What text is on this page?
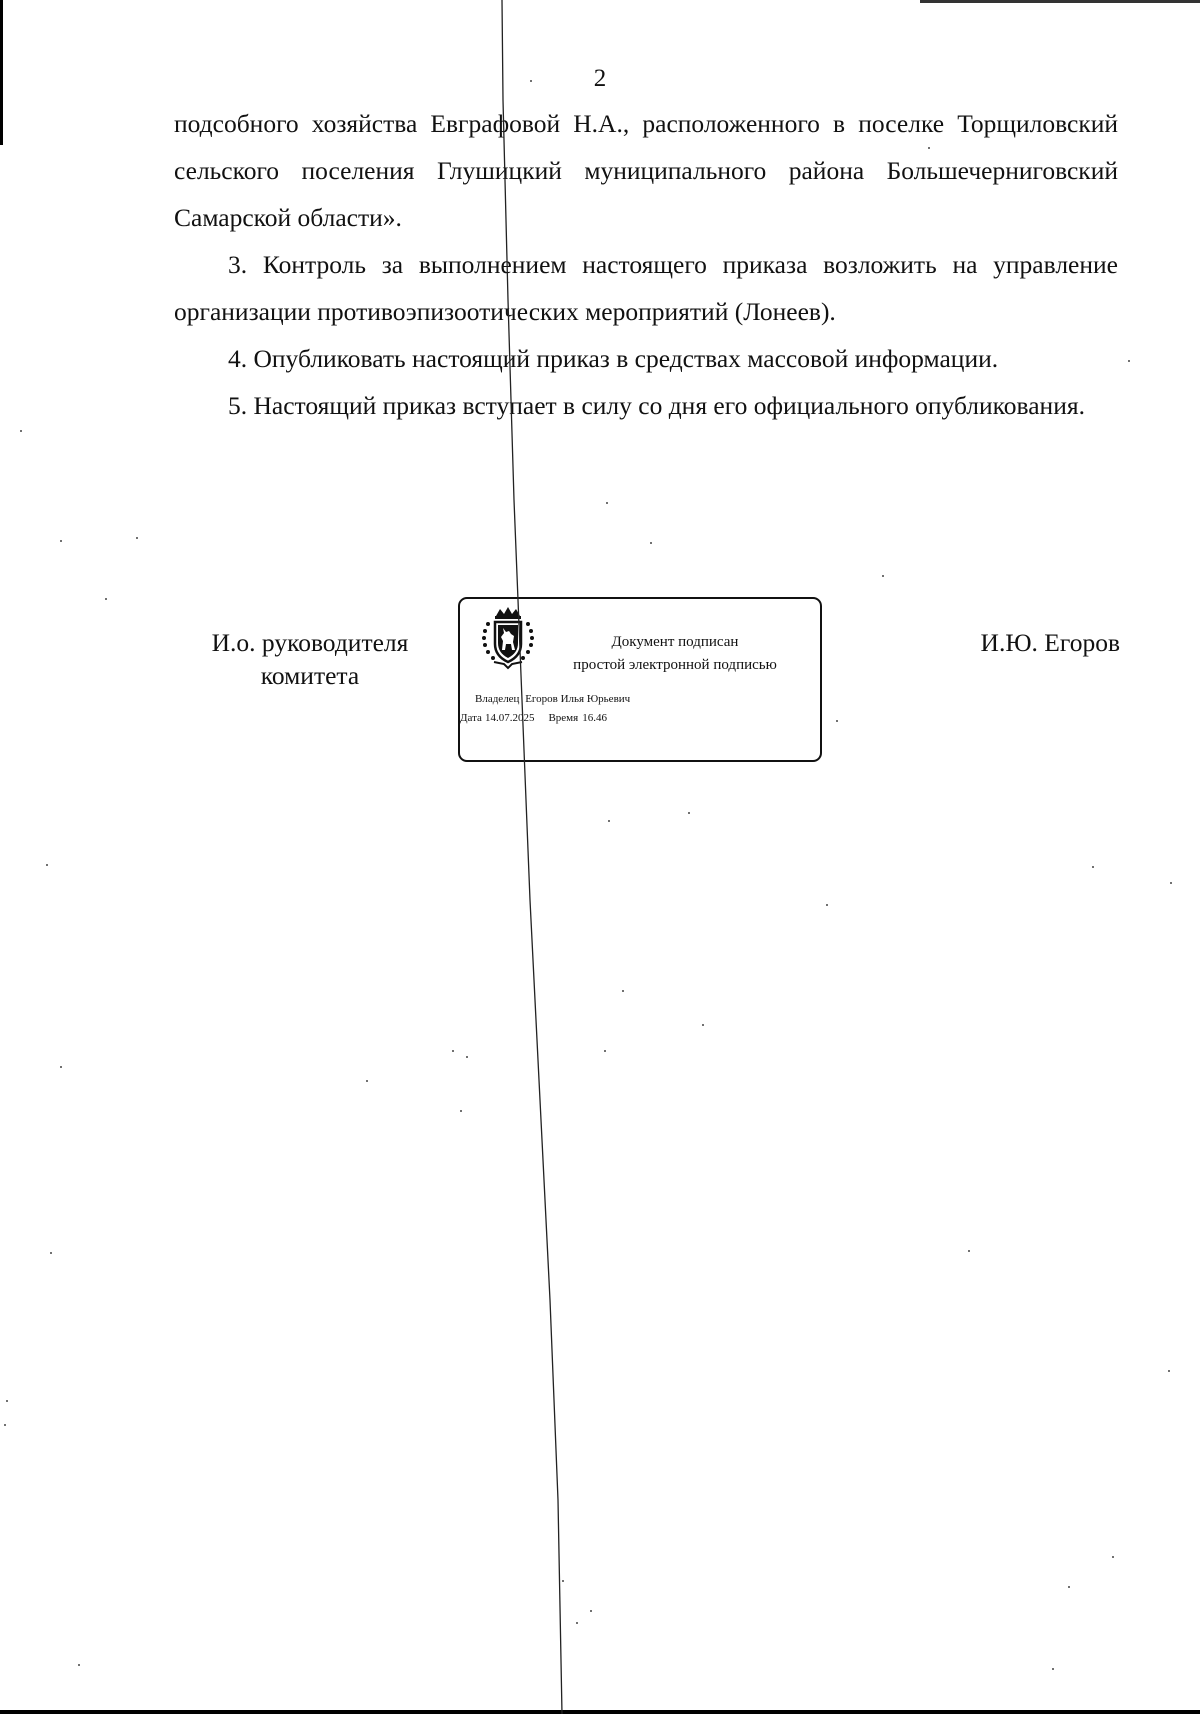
2

подсобного хозяйства Евграфовой Н.А., расположенного в поселке Торщиловский сельского поселения Глушицкий муниципального района Большечерниговский Самарской области».

3. Контроль за выполнением настоящего приказа возложить на управление организации противоэпизоотических мероприятий (Лонеев).

4. Опубликовать настоящий приказ в средствах массовой информации.

5. Настоящий приказ вступает в силу со дня его официального опубликования.

И.о. руководителя
комитета
Документ подписан
простой электронной подписью
Владелец Егоров Илья Юрьевич
Дата 14.07.2025 Время 16.46
И.Ю. Егоров
